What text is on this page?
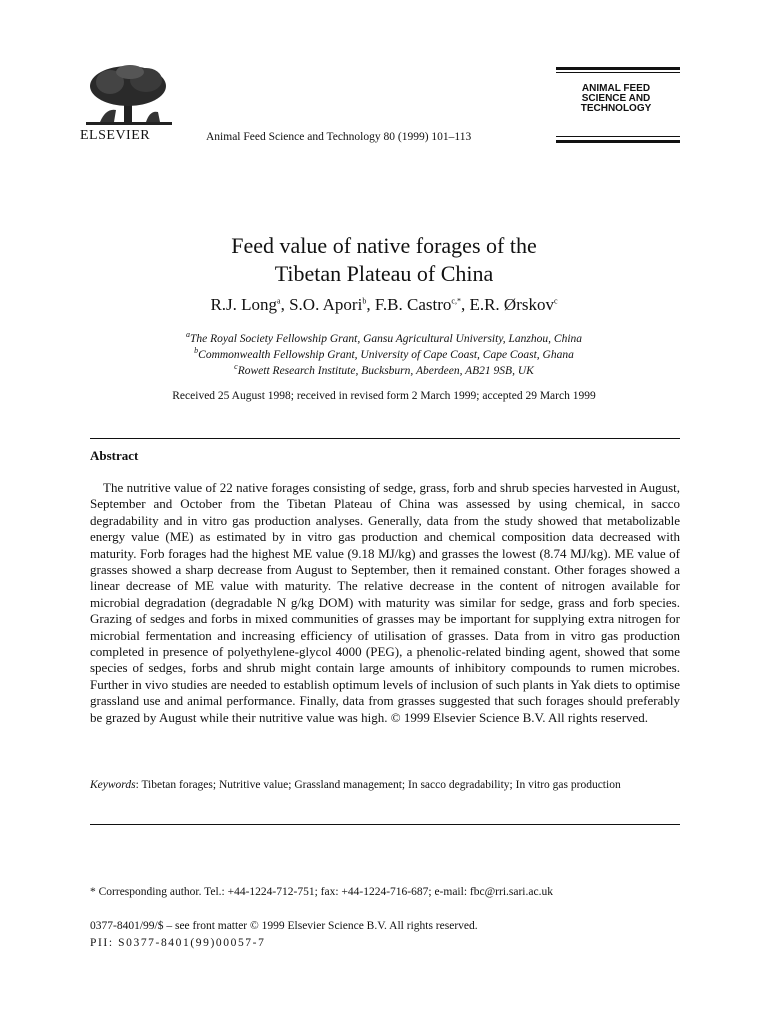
ELSEVIER	Animal Feed Science and Technology 80 (1999) 101–113
ANIMAL FEED
SCIENCE AND
TECHNOLOGY
Feed value of native forages of the
Tibetan Plateau of China
R.J. Long$^a$, S.O. Apori$^b$, F.B. Castro$^{c,*}$, E.R. Ørskov$^c$
$^a$The Royal Society Fellowship Grant, Gansu Agricultural University, Lanzhou, China
$^b$Commonwealth Fellowship Grant, University of Cape Coast, Cape Coast, Ghana
$^c$Rowett Research Institute, Bucksburn, Aberdeen, AB21 9SB, UK
Received 25 August 1998; received in revised form 2 March 1999; accepted 29 March 1999
Abstract
The nutritive value of 22 native forages consisting of sedge, grass, forb and shrub species harvested in August, September and October from the Tibetan Plateau of China was assessed by using chemical, in sacco degradability and in vitro gas production analyses. Generally, data from the study showed that metabolizable energy value (ME) as estimated by in vitro gas production and chemical composition data decreased with maturity. Forb forages had the highest ME value (9.18 MJ/kg) and grasses the lowest (8.74 MJ/kg). ME value of grasses showed a sharp decrease from August to September, then it remained constant. Other forages showed a linear decrease of ME value with maturity. The relative decrease in the content of nitrogen available for microbial degradation (degradable N g/kg DOM) with maturity was similar for sedge, grass and forb species. Grazing of sedges and forbs in mixed communities of grasses may be important for supplying extra nitrogen for microbial fermentation and increasing efficiency of utilisation of grasses. Data from in vitro gas production completed in presence of polyethylene-glycol 4000 (PEG), a phenolic-related binding agent, showed that some species of sedges, forbs and shrub might contain large amounts of inhibitory compounds to rumen microbes. Further in vivo studies are needed to establish optimum levels of inclusion of such plants in Yak diets to optimise grassland use and animal performance. Finally, data from grasses suggested that such forages should preferably be grazed by August while their nutritive value was high. © 1999 Elsevier Science B.V. All rights reserved.
Keywords: Tibetan forages; Nutritive value; Grassland management; In sacco degradability; In vitro gas production
* Corresponding author. Tel.: +44-1224-712-751; fax: +44-1224-716-687; e-mail: fbc@rri.sari.ac.uk
0377-8401/99/$ – see front matter © 1999 Elsevier Science B.V. All rights reserved.
PII: S0377-8401(99)00057-7
